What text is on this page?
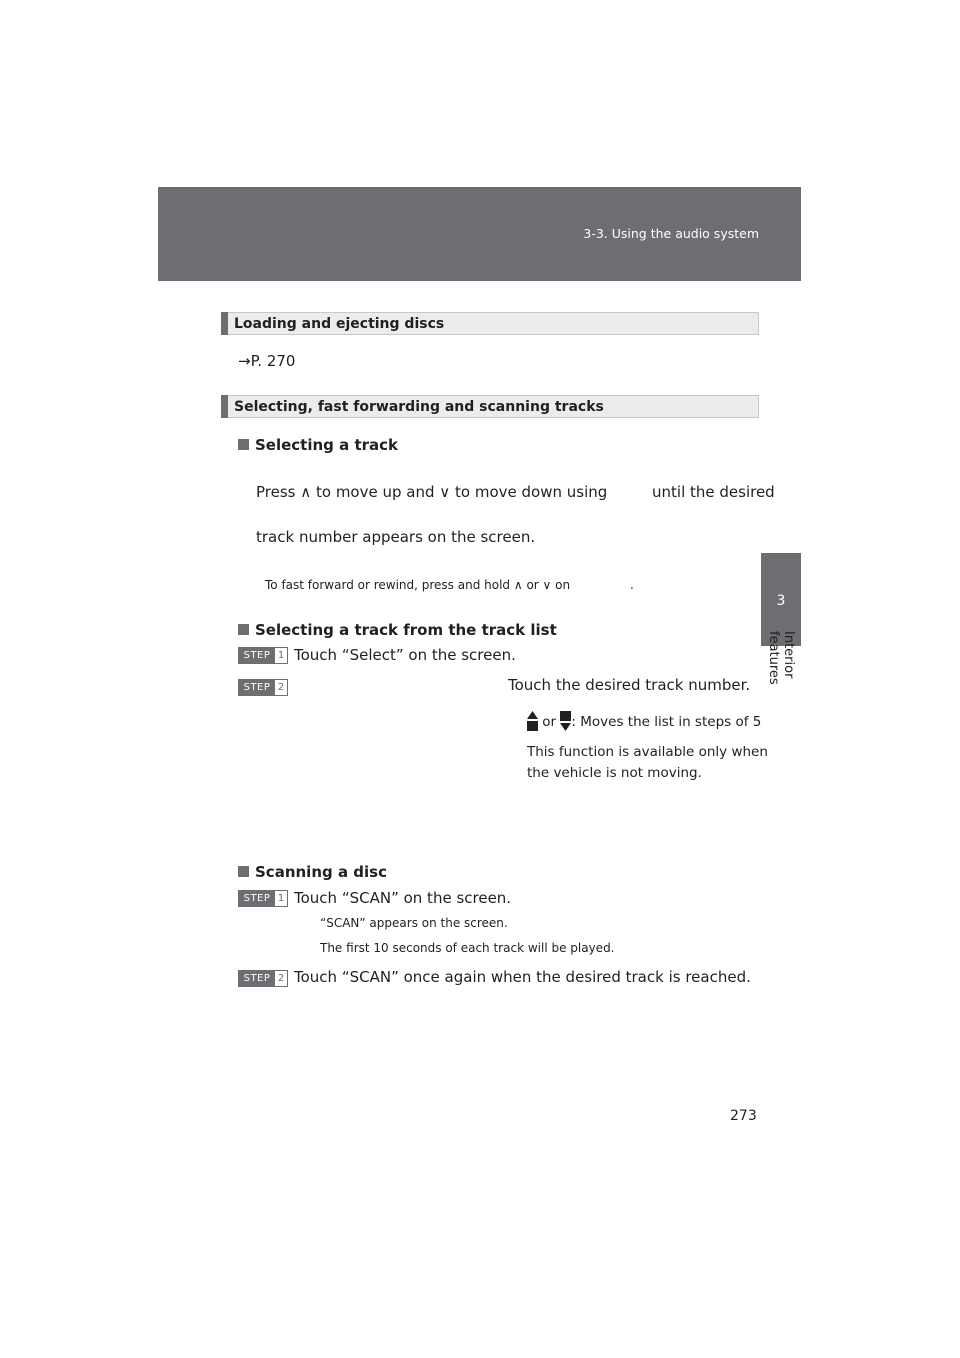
3-3. Using the audio system
3
Interior features
Loading and ejecting discs
→P. 270
Selecting, fast forwarding and scanning tracks
Selecting a track
Press ∧ to move up and ∨ to move down using	until the desired
track number appears on the screen.
To fast forward or rewind, press and hold ∧ or ∨ on	.
Selecting a track from the track list
STEP 1 Touch “Select” on the screen.
STEP 2	Touch the desired track number.
or : Moves the list in steps of 5
This function is available only when
the vehicle is not moving.
Scanning a disc
STEP 1 Touch “SCAN” on the screen.
“SCAN” appears on the screen.
The first 10 seconds of each track will be played.
STEP 2 Touch “SCAN” once again when the desired track is reached.
273
